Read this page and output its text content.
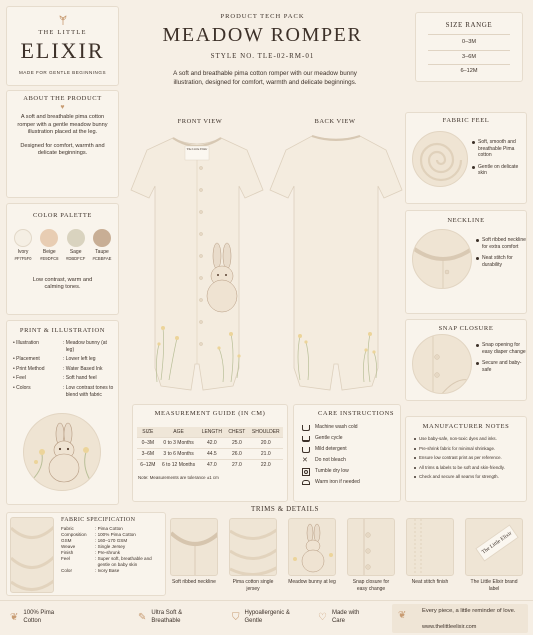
THE LITTLE
ELIXIR
MADE FOR GENTLE BEGINNINGS
ABOUT THE PRODUCT
♥
A soft and breathable pima cotton romper with a gentle meadow bunny illustration placed at the leg.
Designed for comfort, warmth and delicate beginnings.
COLOR PALETTE
Ivory
#F7F5F0
Beige
#E9DFC8
Sage
#DBDFCF
Taupe
#CBBFAE
Low contrast, warm and calming tones.
PRINT & ILLUSTRATION
• Illustration	: Meadow bunny (at leg)
• Placement	: Lower left leg
• Print Method	: Water Based Ink
• Feel	: Soft hand feel
• Colors	: Low contrast tones to blend with fabric
PRODUCT TECH PACK
MEADOW ROMPER
STYLE NO. TLE-02-RM-01
A soft and breathable pima cotton romper with our meadow bunny illustration, designed for comfort, warmth and delicate beginnings.
SIZE RANGE
0–3M
3–6M
6–12M
FRONT VIEW	BACK VIEW
The Little Elixir
FABRIC FEEL
Soft, smooth and breathable Pima cotton
Gentle on delicate skin
NECKLINE
Soft ribbed neckline for extra comfort
Neat stitch for durability
SNAP CLOSURE
Snap opening for easy diaper change
Secure and baby-safe
MEASUREMENT GUIDE (IN CM)
SIZE	AGE	LENGTH	CHEST	SHOULDER
0–3M	0 to 3 Months	42.0	25.0	20.0
3–6M	3 to 6 Months	44.5	26.0	21.0
6–12M	6 to 12 Months	47.0	27.0	22.0
Note: Measurements are tolerance ±1 cm
CARE INSTRUCTIONS
Machine wash cold
Gentle cycle
Mild detergent
✕	Do not bleach
Tumble dry low
Warm iron if needed
MANUFACTURER NOTES
Use baby-safe, non-toxic dyes and inks.
Pre-shrink fabric for minimal shrinkage.
Ensure low contrast print as per reference.
All trims & labels to be soft and skin-friendly.
Check and secure all seams for strength.
TRIMS & DETAILS
FABRIC SPECIFICATION
Fabric	: Pima Cotton
Composition	: 100% Pima Cotton
GSM	: 160–170 GSM
Weave	: Single Jersey
Finish	: Pre-shrunk
Feel	: Super soft, breathable and gentle on baby skin
Color	: Ivory Base
Soft ribbed neckline	Pima cotton single jersey
Meadow bunny at leg	Snap closure for easy change
Neat stitch finish
The Little Elixir
The Little Elixir brand label
❦ 100% Pima Cotton	✎ Ultra Soft & Breathable	⛉ Hypoallergenic & Gentle	♡ Made with Care	❦	Every piece, a little reminder of love.
www.thelittleelixir.com
